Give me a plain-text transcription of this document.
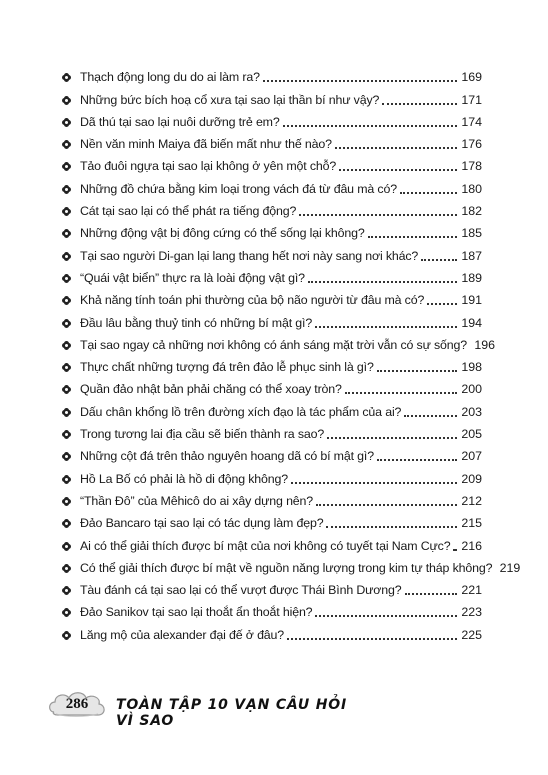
Thạch động long du do ai làm ra?	169
Những bức bích hoạ cổ xưa tại sao lại thần bí như vậy?	171
Dã thú tại sao lại nuôi dưỡng trẻ em?	174
Nền văn minh Maiya đã biến mất như thế nào?	176
Tảo đuôi ngựa tại sao lại không ở yên một chỗ?	178
Những đồ chứa bằng kim loại trong vách đá từ đâu mà có?	180
Cát tại sao lại có thể phát ra tiếng động?	182
Những động vật bị đông cứng có thể sống lại không?	185
Tại sao người Di-gan lại lang thang hết nơi này sang nơi khác?	187
“Quái vật biển” thực ra là loài động vật gì?	189
Khả năng tính toán phi thường của bộ não người từ đâu mà có?	191
Đầu lâu bằng thuỷ tinh có những bí mật gì?	194
Tại sao ngay cả những nơi không có ánh sáng mặt trời vẫn có sự sống? 196
Thực chất những tượng đá trên đảo lễ phục sinh là gì?	198
Quần đảo nhật bản phải chăng có thể xoay tròn?	200
Dấu chân khổng lồ trên đường xích đạo là tác phẩm của ai?	203
Trong tương lai địa cầu sẽ biến thành ra sao?	205
Những cột đá trên thảo nguyên hoang dã có bí mật gì?	207
Hồ La Bố có phải là hồ di động không?	209
“Thần Đô” của Mêhicô do ai xây dựng nên?	212
Đảo Bancaro tại sao lại có tác dụng làm đẹp?	215
Ai có thể giải thích được bí mật của nơi không có tuyết tại Nam Cực? 216
Có thể giải thích được bí mật về nguồn năng lượng trong kim tự tháp không? 219
Tàu đánh cá tại sao lại có thể vượt được Thái Bình Dương?	221
Đảo Sanikov tại sao lại thoắt ẩn thoắt hiện?	223
Lăng mộ của alexander đại đế ở đâu?	225
286	TOÀN TẬP 10 VẠN CÂU HỎI VÌ SAO
